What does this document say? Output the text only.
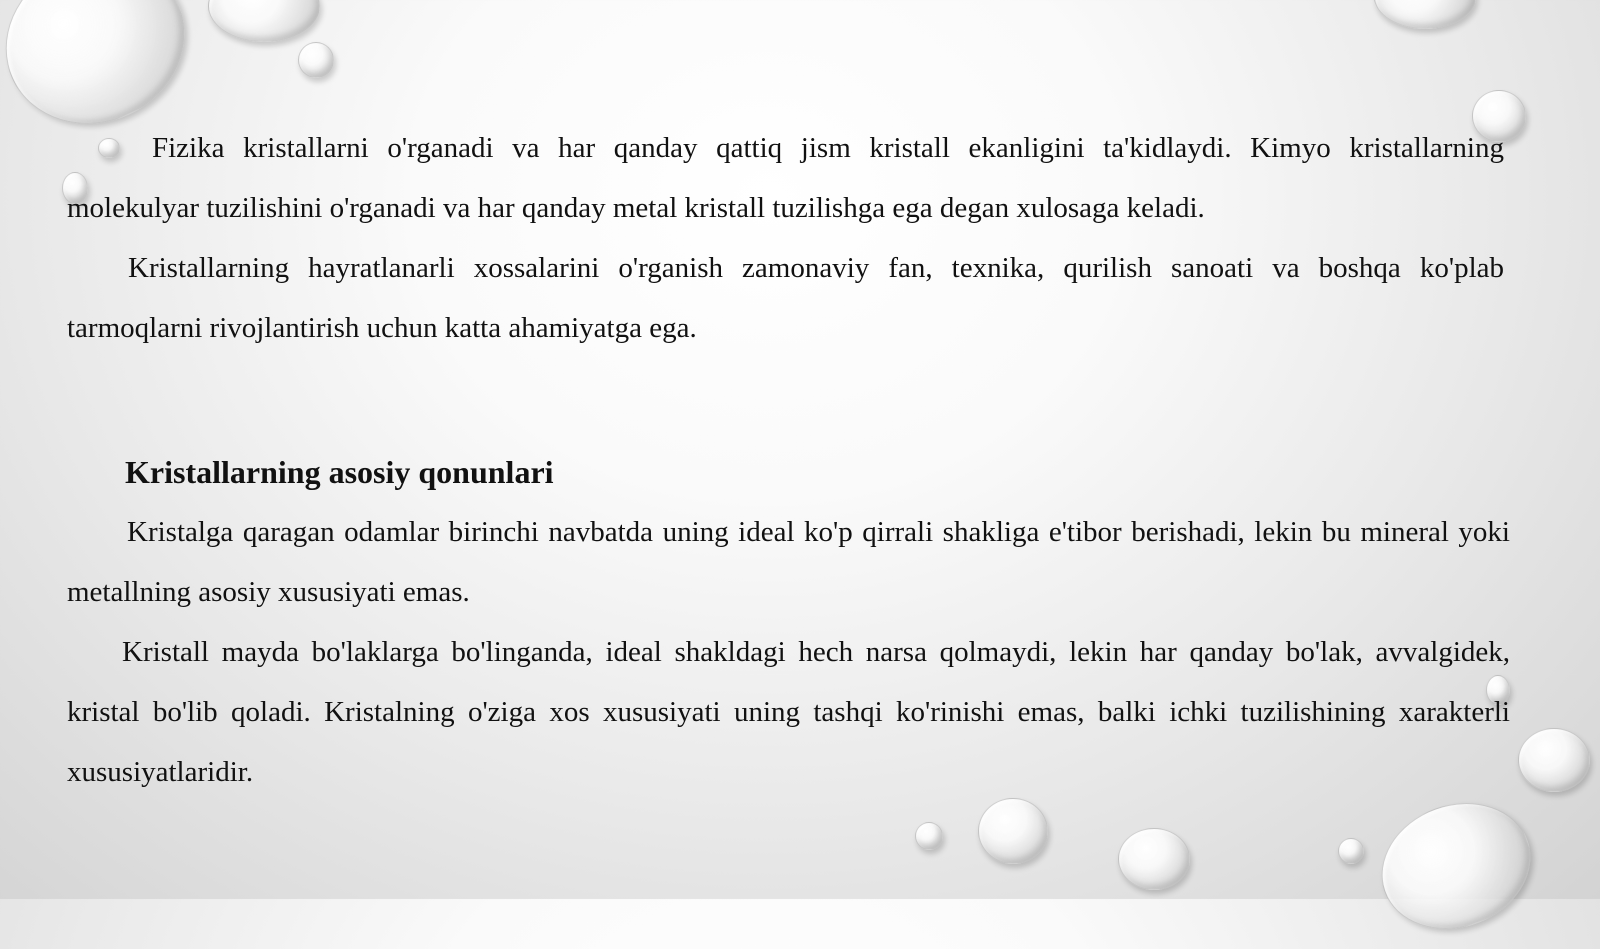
Fizika kristallarni o'rganadi va har qanday qattiq jism kristall ekanligini ta'kidlaydi. Kimyo kristallarning molekulyar tuzilishini o'rganadi va har qanday metal kristall tuzilishga ega degan xulosaga keladi.

Kristallarning hayratlanarli xossalarini o'rganish zamonaviy fan, texnika, qurilish sanoati va boshqa ko'plab tarmoqlarni rivojlantirish uchun katta ahamiyatga ega.

Kristallarning asosiy qonunlari

Kristalga qaragan odamlar birinchi navbatda uning ideal ko'p qirrali shakliga e'tibor berishadi, lekin bu mineral yoki metallning asosiy xususiyati emas.

Kristall mayda bo'laklarga bo'linganda, ideal shakldagi hech narsa qolmaydi, lekin har qanday bo'lak, avvalgidek, kristal bo'lib qoladi. Kristalning o'ziga xos xususiyati uning tashqi ko'rinishi emas, balki ichki tuzilishining xarakterli xususiyatlaridir.
